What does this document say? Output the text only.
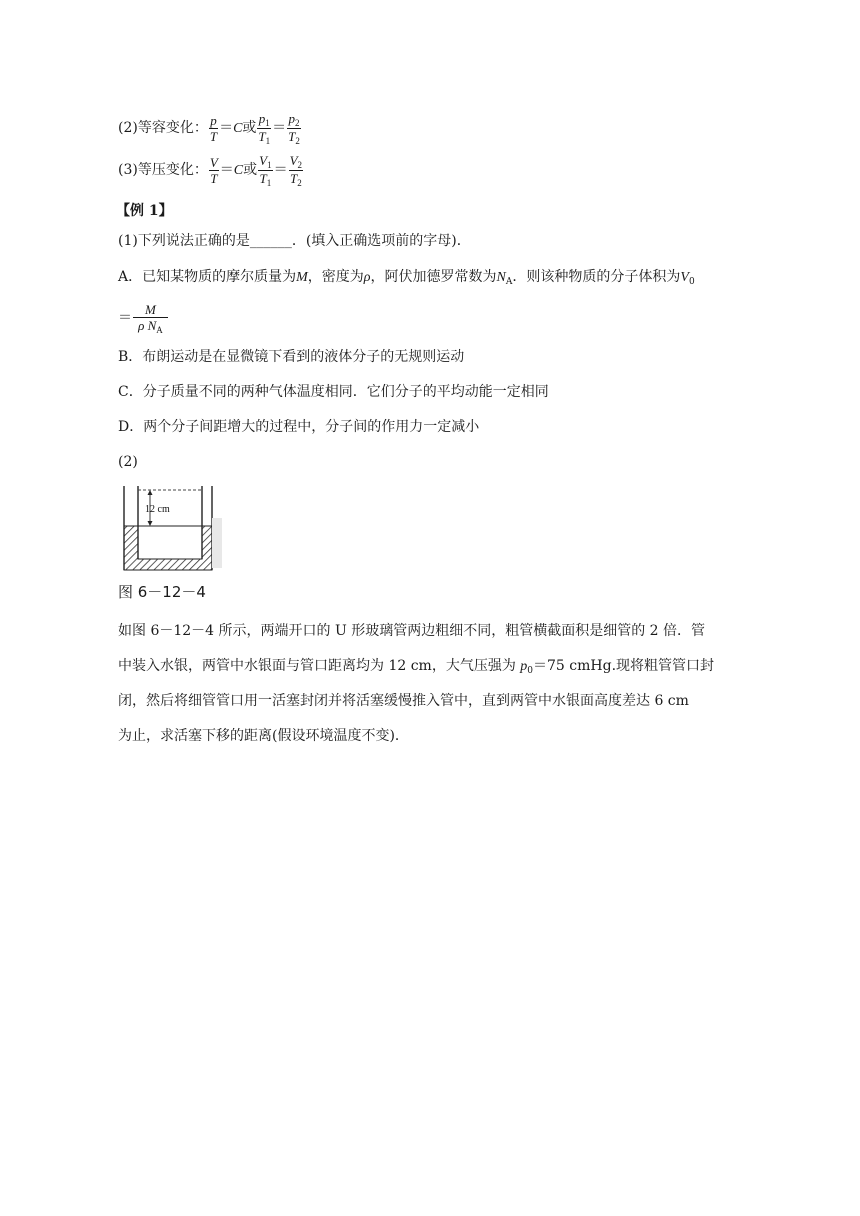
(2)等容变化： $\frac{p}{T} =C$或 $\frac{p_1}{T_1} = \frac{p_2}{T_2}$
(3)等压变化： $\frac{V}{T} =C$或 $\frac{V_1}{T_1} = \frac{V_2}{T_2}$
【例 1】
(1)下列说法正确的是______．(填入正确选项前的字母)．
A．已知某物质的摩尔质量为M，密度为ρ，阿伏加德罗常数为$N_A$．则该种物质的分子体积为$V_0$
＝ $\frac{M}{\rho N_A}$
B．布朗运动是在显微镜下看到的液体分子的无规则运动
C．分子质量不同的两种气体温度相同．它们分子的平均动能一定相同
D．两个分子间距增大的过程中，分子间的作用力一定减小
(2)
12 cm
图 6－12－4
如图 6－12－4 所示，两端开口的 U 形玻璃管两边粗细不同，粗管横截面积是细管的 2 倍．管
中装入水银，两管中水银面与管口距离均为 12 cm，大气压强为 $p_0=75$ cmHg.现将粗管管口封
闭，然后将细管管口用一活塞封闭并将活塞缓慢推入管中，直到两管中水银面高度差达 6 cm
为止，求活塞下移的距离(假设环境温度不变)．
